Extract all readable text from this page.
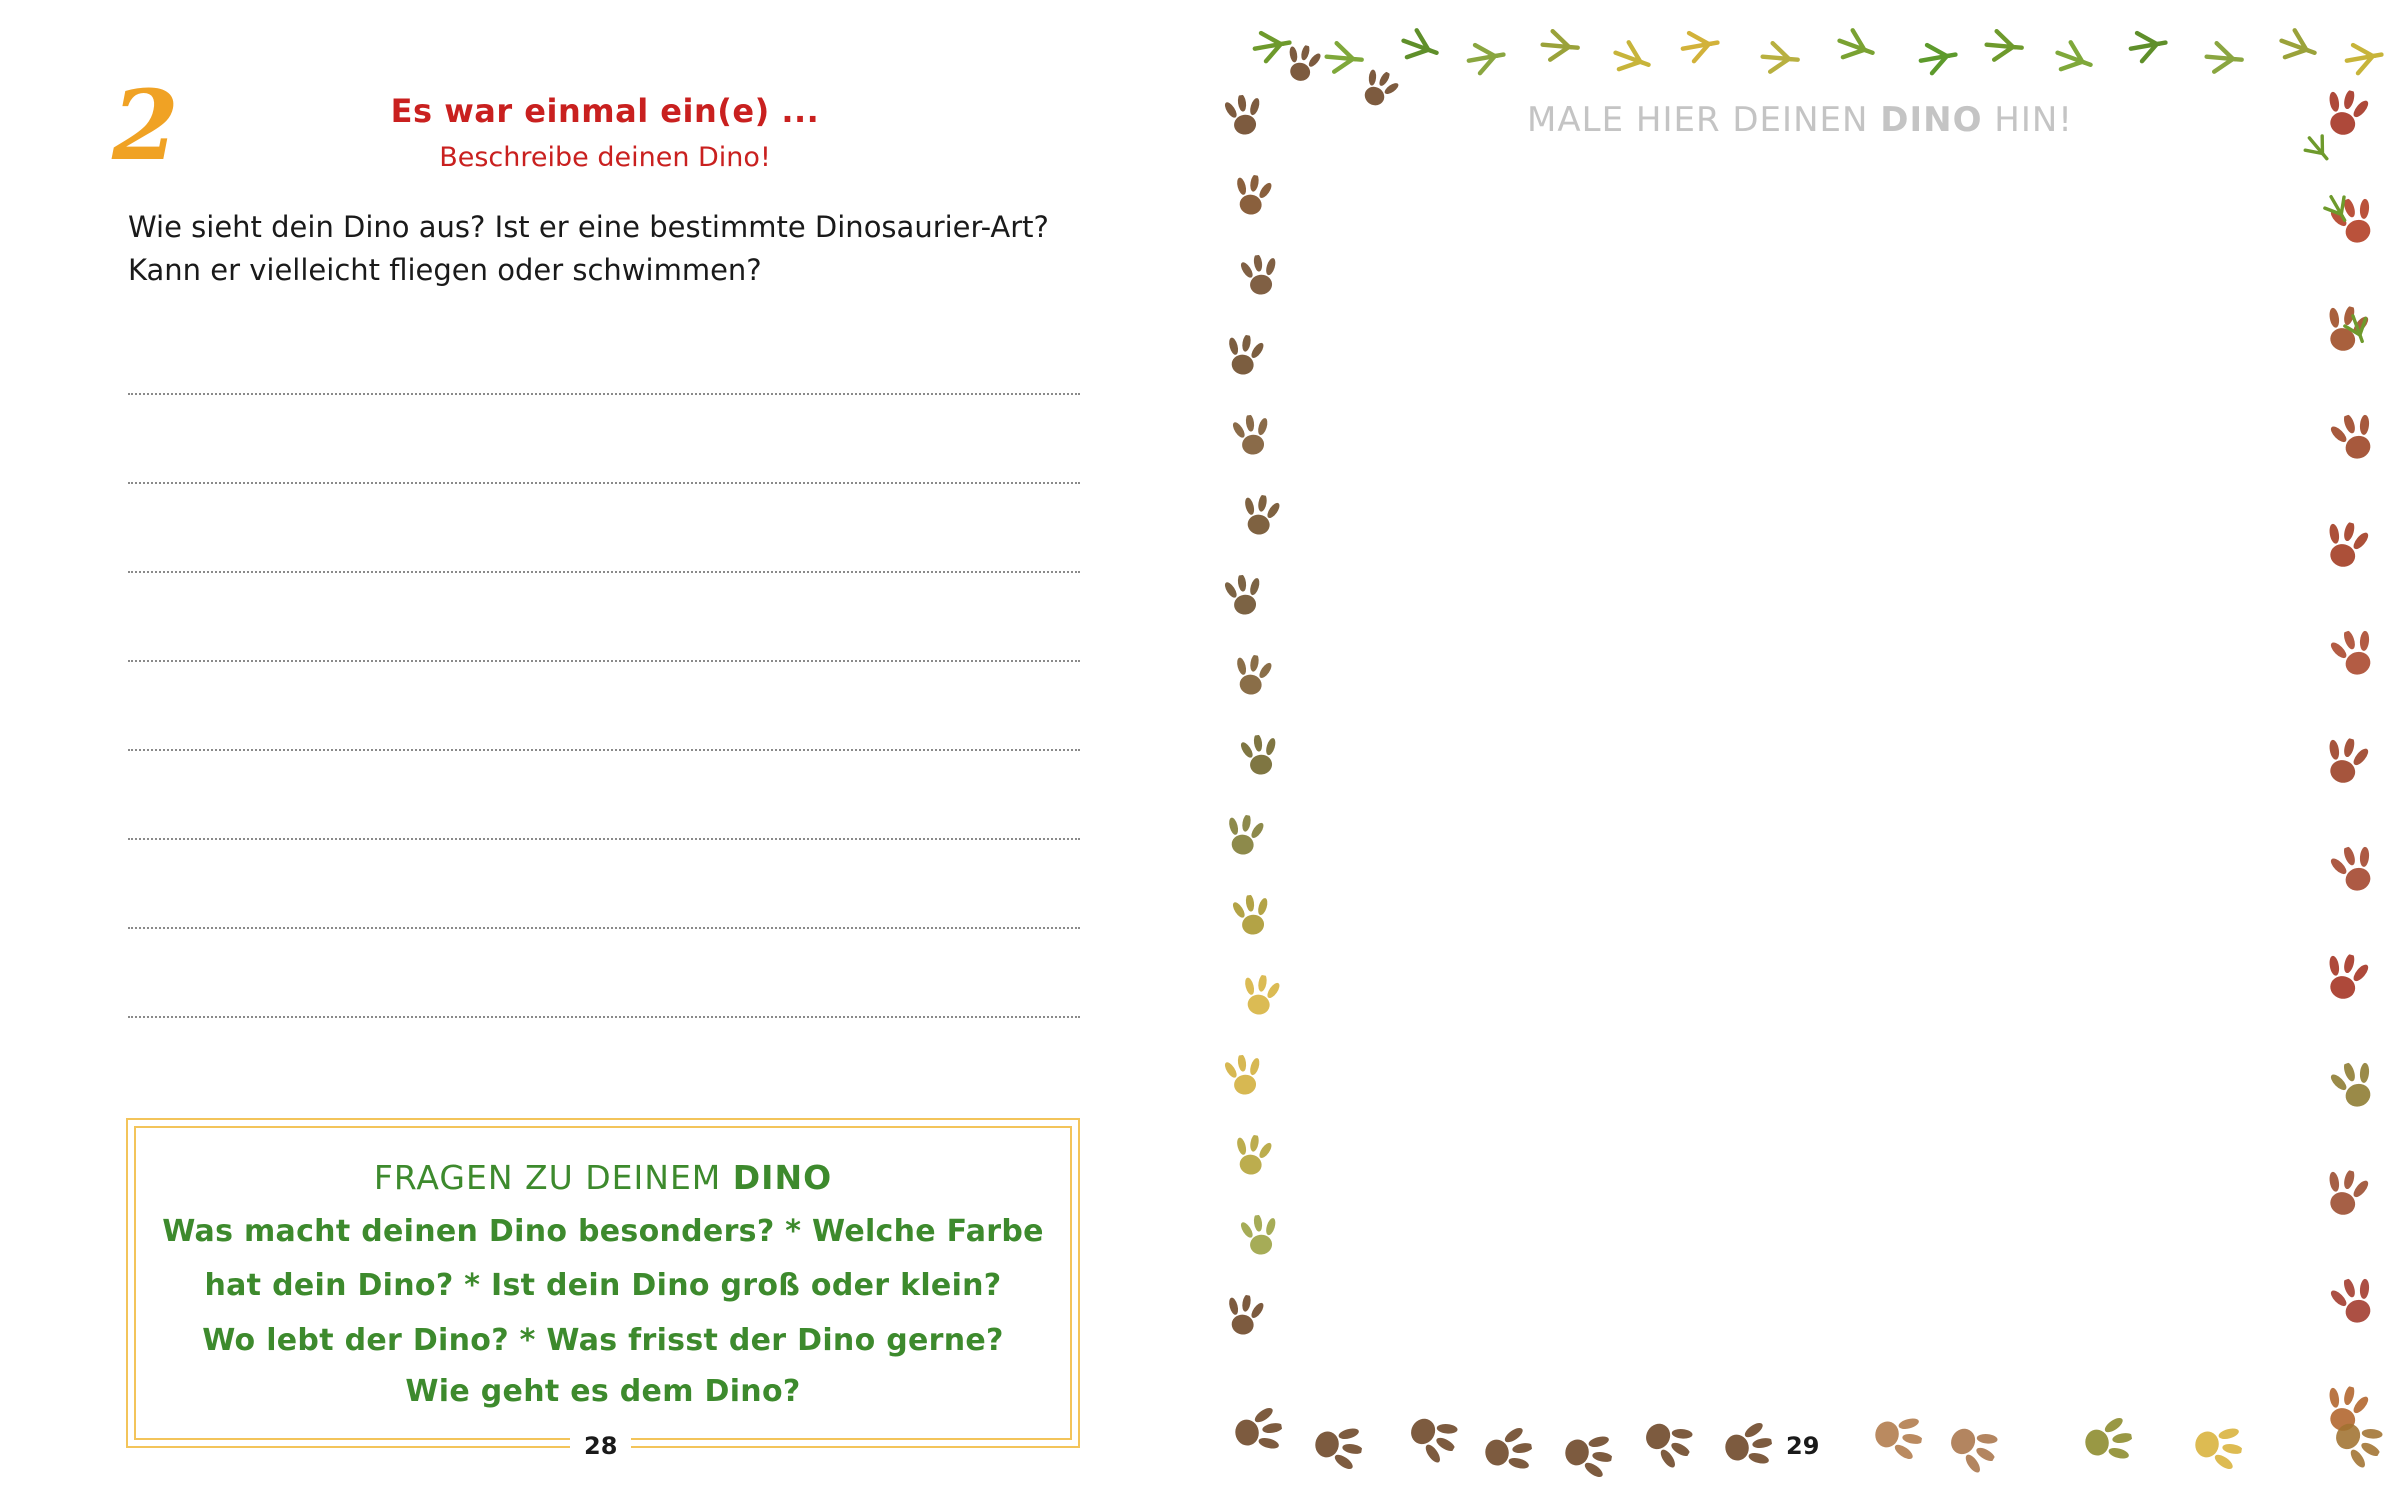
2	Es war einmal ein(e) ...
Beschreibe deinen Dino!
Wie sieht dein Dino aus? Ist er eine bestimmte Dinosaurier-Art?
Kann er vielleicht fliegen oder schwimmen?
FRAGEN ZU DEINEM DINO
Was macht deinen Dino besonders? * Welche Farbe
hat dein Dino? * Ist dein Dino groß oder klein?
Wo lebt der Dino? * Was frisst der Dino gerne?
Wie geht es dem Dino?
28
MALE HIER DEINEN DINO HIN!
29
